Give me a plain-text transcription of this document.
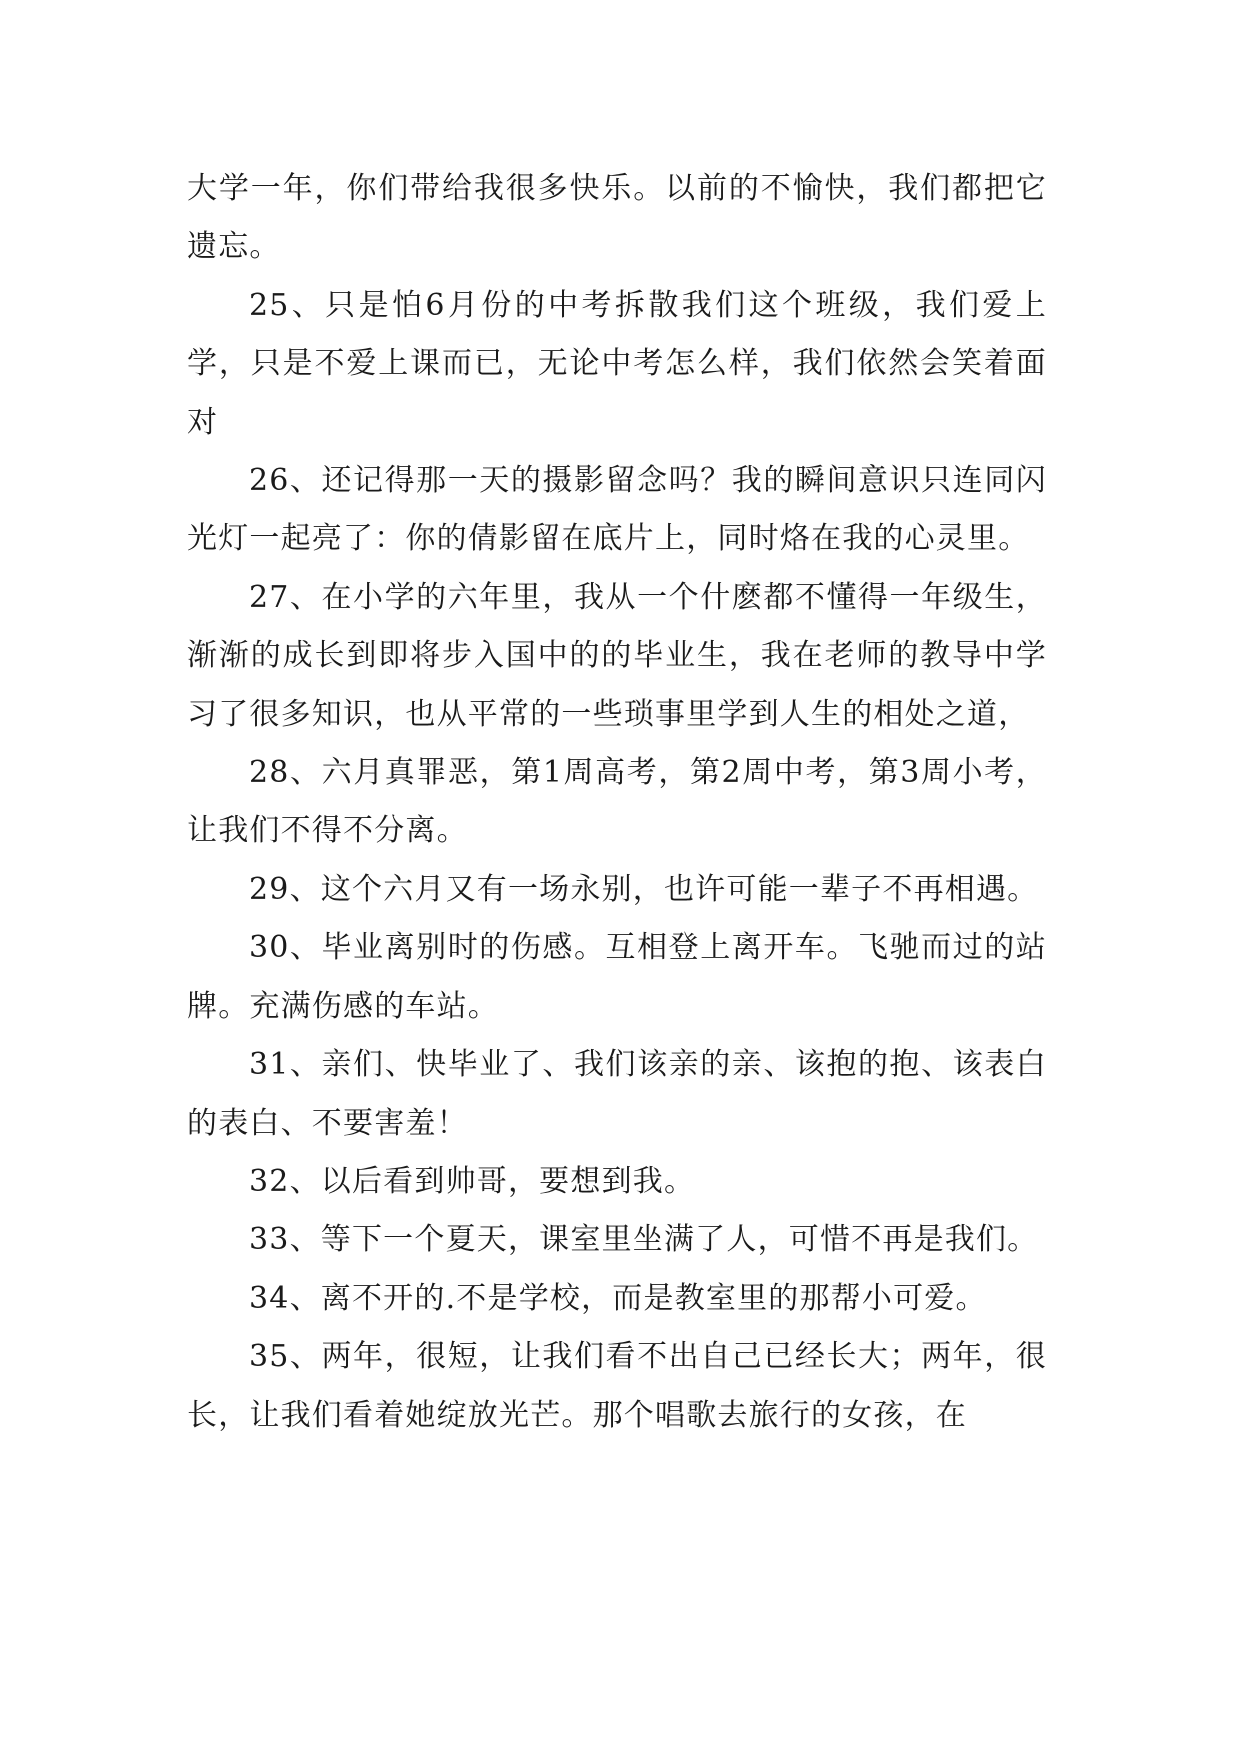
大学一年，你们带给我很多快乐。以前的不愉快，我们都把它遗忘。

25、只是怕6月份的中考拆散我们这个班级，我们爱上学，只是不爱上课而已，无论中考怎么样，我们依然会笑着面对

26、还记得那一天的摄影留念吗？我的瞬间意识只连同闪光灯一起亮了：你的倩影留在底片上，同时烙在我的心灵里。

27、在小学的六年里，我从一个什麽都不懂得一年级生，渐渐的成长到即将步入国中的的毕业生，我在老师的教导中学习了很多知识，也从平常的一些琐事里学到人生的相处之道，

28、六月真罪恶，第1周高考，第2周中考，第3周小考，让我们不得不分离。

29、这个六月又有一场永别，也许可能一辈子不再相遇。

30、毕业离别时的伤感。互相登上离开车。飞驰而过的站牌。充满伤感的车站。

31、亲们、快毕业了、我们该亲的亲、该抱的抱、该表白的表白、不要害羞！

32、以后看到帅哥，要想到我。

33、等下一个夏天，课室里坐满了人，可惜不再是我们。

34、离不开的.不是学校，而是教室里的那帮小可爱。

35、两年，很短，让我们看不出自己已经长大；两年，很长，让我们看着她绽放光芒。那个唱歌去旅行的女孩，在
